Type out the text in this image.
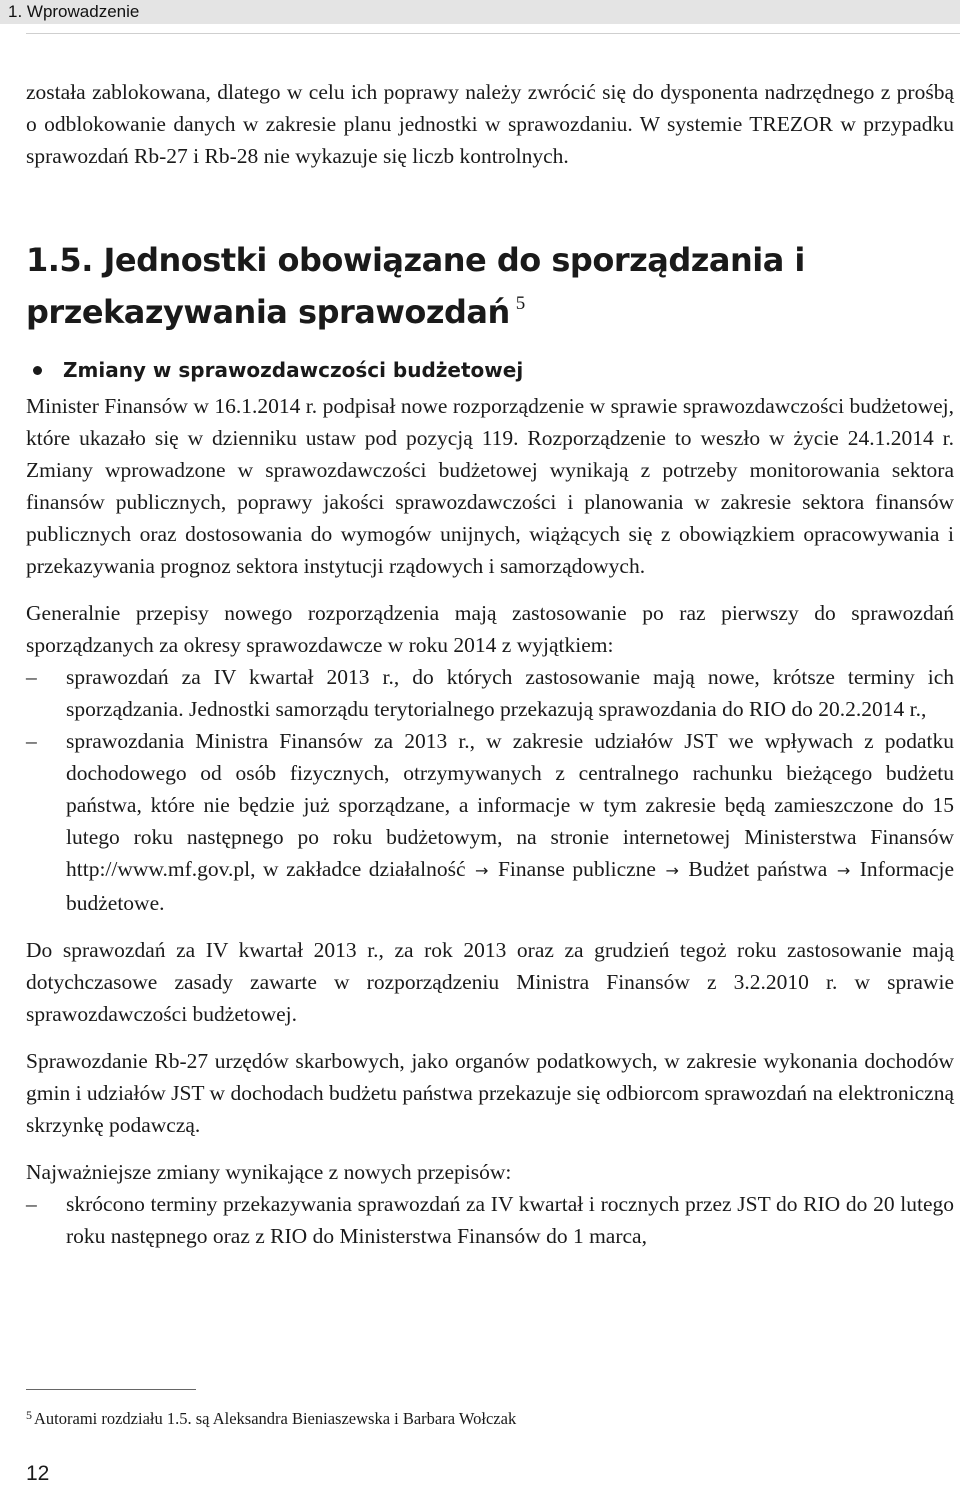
1. Wprowadzenie

została zablokowana, dlatego w celu ich poprawy należy zwrócić się do dysponenta nadrzędnego z prośbą o odblokowanie danych w zakresie planu jednostki w sprawozdaniu. W systemie TREZOR w przypadku sprawozdań Rb-27 i Rb-28 nie wykazuje się liczb kontrolnych.

1.5. Jednostki obowiązane do sporządzania i przekazywania sprawozdań $^5$
Zmiany w sprawozdawczości budżetowej

Minister Finansów w 16.1.2014 r. podpisał nowe rozporządzenie w sprawie sprawozdawczości budżetowej, które ukazało się w dzienniku ustaw pod pozycją 119. Rozporządzenie to weszło w życie 24.1.2014 r. Zmiany wprowadzone w sprawozdawczości budżetowej wynikają z potrzeby monitorowania sektora finansów publicznych, poprawy jakości sprawozdawczości i planowania w zakresie sektora finansów publicznych oraz dostosowania do wymogów unijnych, wiążących się z obowiązkiem opracowywania i przekazywania prognoz sektora instytucji rządowych i samorządowych.

Generalnie przepisy nowego rozporządzenia mają zastosowanie po raz pierwszy do sprawozdań sporządzanych za okresy sprawozdawcze w roku 2014 z wyjątkiem:

– sprawozdań za IV kwartał 2013 r., do których zastosowanie mają nowe, krótsze terminy ich sporządzania. Jednostki samorządu terytorialnego przekazują sprawozdania do RIO do 20.2.2014 r.,
– sprawozdania Ministra Finansów za 2013 r., w zakresie udziałów JST we wpływach z podatku dochodowego od osób fizycznych, otrzymywanych z centralnego rachunku bieżącego budżetu państwa, które nie będzie już sporządzane, a informacje w tym zakresie będą zamieszczone do 15 lutego roku następnego po roku budżetowym, na stronie internetowej Ministerstwa Finansów http://www.mf.gov.pl, w zakładce działalność → Finanse publiczne → Budżet państwa → Informacje budżetowe.

Do sprawozdań za IV kwartał 2013 r., za rok 2013 oraz za grudzień tegoż roku zastosowanie mają dotychczasowe zasady zawarte w rozporządzeniu Ministra Finansów z 3.2.2010 r. w sprawie sprawozdawczości budżetowej.

Sprawozdanie Rb-27 urzędów skarbowych, jako organów podatkowych, w zakresie wykonania dochodów gmin i udziałów JST w dochodach budżetu państwa przekazuje się odbiorcom sprawozdań na elektroniczną skrzynkę podawczą.

Najważniejsze zmiany wynikające z nowych przepisów:

– skrócono terminy przekazywania sprawozdań za IV kwartał i rocznych przez JST do RIO do 20 lutego roku następnego oraz z RIO do Ministerstwa Finansów do 1 marca,
$^5$ Autorami rozdziału 1.5. są Aleksandra Bieniaszewska i Barbara Wołczak
12
